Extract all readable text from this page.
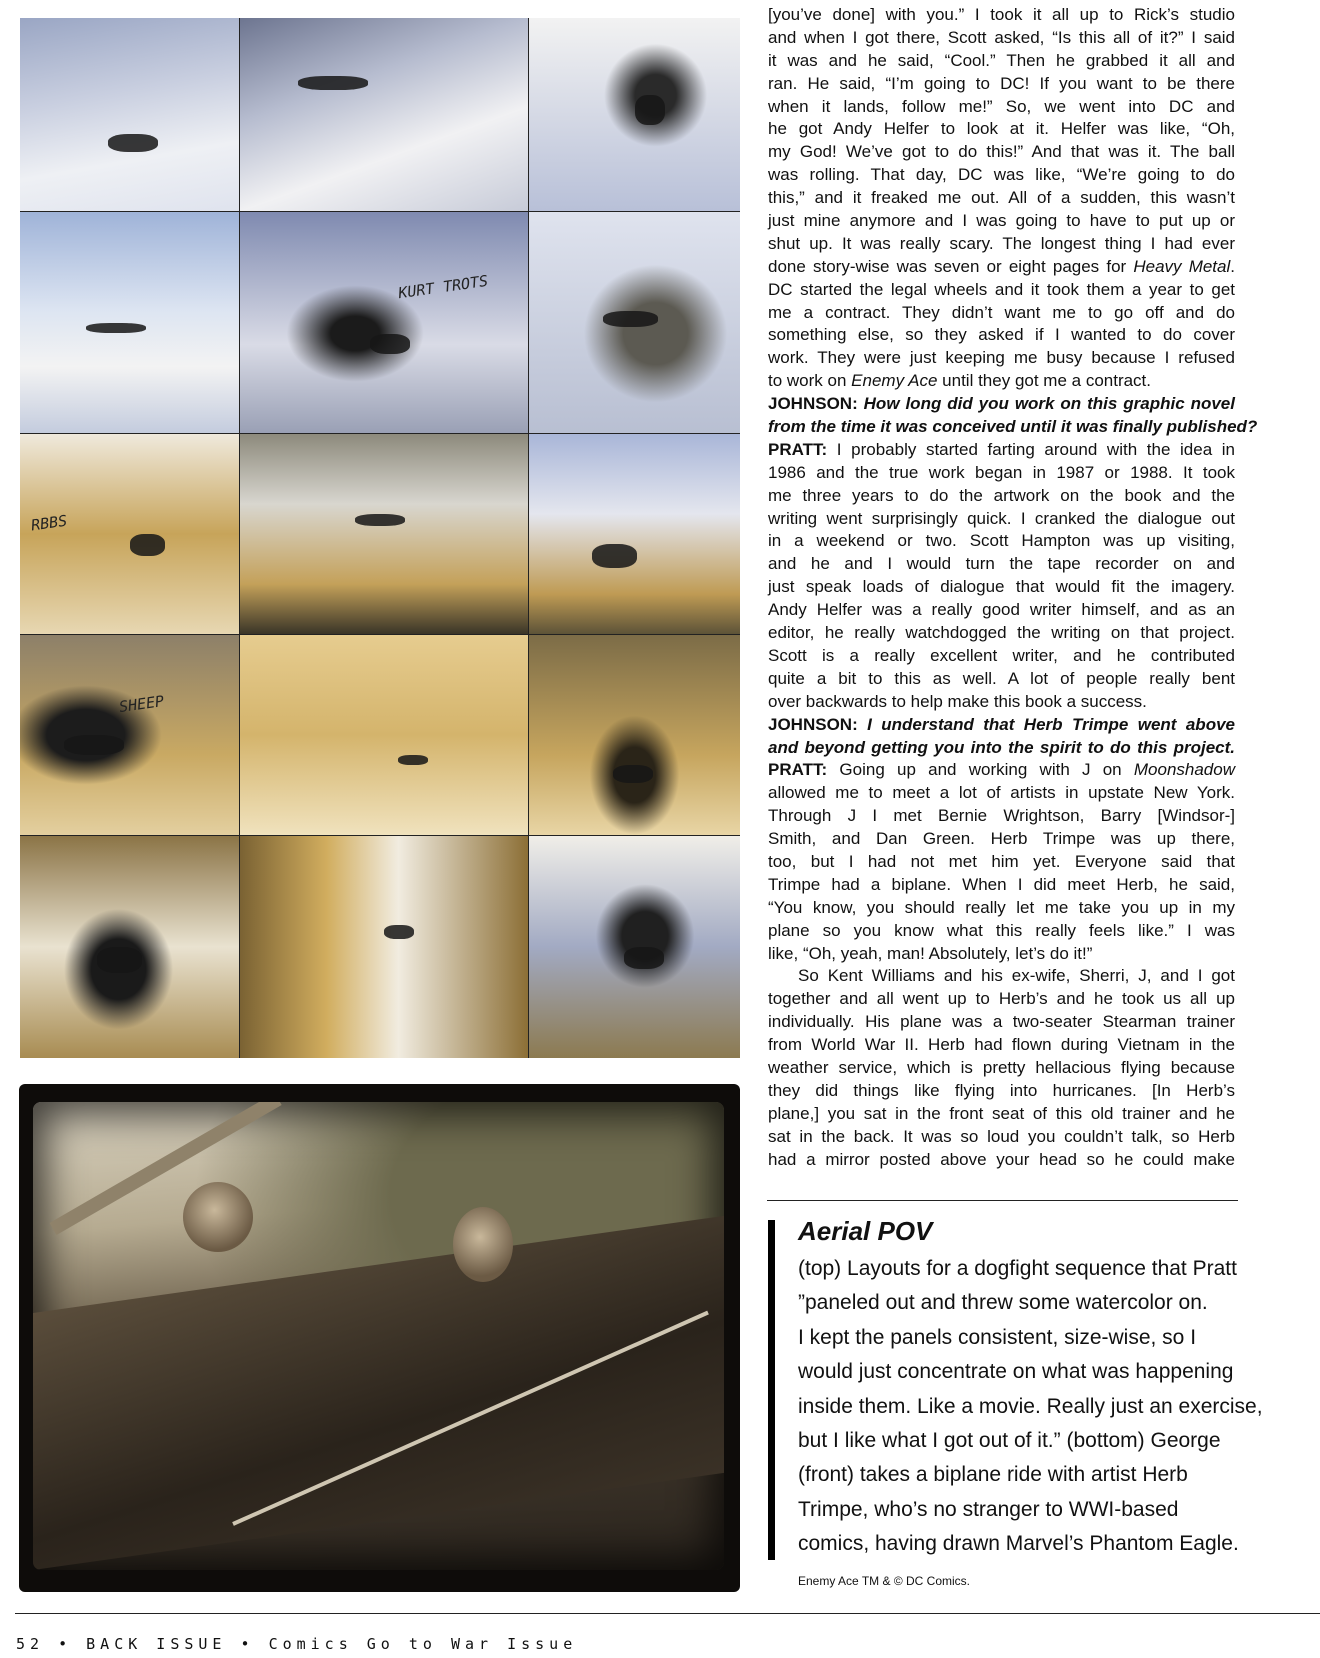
KURT TROTS
RBBS
SHEEP
[you’ve done] with you.” I took it all up to Rick’s studio
and when I got there, Scott asked, “Is this all of it?” I said
it was and he said, “Cool.” Then he grabbed it all and
ran. He said, “I’m going to DC! If you want to be there
when it lands, follow me!” So, we went into DC and
he got Andy Helfer to look at it. Helfer was like, “Oh,
my God! We’ve got to do this!” And that was it. The ball
was rolling. That day, DC was like, “We’re going to do
this,” and it freaked me out. All of a sudden, this wasn’t
just mine anymore and I was going to have to put up or
shut up. It was really scary. The longest thing I had ever
done story-wise was seven or eight pages for Heavy Metal.
DC started the legal wheels and it took them a year to get
me a contract. They didn’t want me to go off and do
something else, so they asked if I wanted to do cover
work. They were just keeping me busy because I refused
to work on Enemy Ace until they got me a contract.
JOHNSON: How long did you work on this graphic novel
from the time it was conceived until it was finally published?
PRATT: I probably started farting around with the idea in
1986 and the true work began in 1987 or 1988. It took
me three years to do the artwork on the book and the
writing went surprisingly quick. I cranked the dialogue out
in a weekend or two. Scott Hampton was up visiting,
and he and I would turn the tape recorder on and
just speak loads of dialogue that would fit the imagery.
Andy Helfer was a really good writer himself, and as an
editor, he really watchdogged the writing on that project.
Scott is a really excellent writer, and he contributed
quite a bit to this as well. A lot of people really bent
over backwards to help make this book a success.
JOHNSON: I understand that Herb Trimpe went above
and beyond getting you into the spirit to do this project.
PRATT: Going up and working with J on Moonshadow
allowed me to meet a lot of artists in upstate New York.
Through J I met Bernie Wrightson, Barry [Windsor-]
Smith, and Dan Green. Herb Trimpe was up there,
too, but I had not met him yet. Everyone said that
Trimpe had a biplane. When I did meet Herb, he said,
“You know, you should really let me take you up in my
plane so you know what this really feels like.” I was
like, “Oh, yeah, man! Absolutely, let’s do it!”
So Kent Williams and his ex-wife, Sherri, J, and I got
together and all went up to Herb’s and he took us all up
individually. His plane was a two-seater Stearman trainer
from World War II. Herb had flown during Vietnam in the
weather service, which is pretty hellacious flying because
they did things like flying into hurricanes. [In Herb’s
plane,] you sat in the front seat of this old trainer and he
sat in the back. It was so loud you couldn’t talk, so Herb
had a mirror posted above your head so he could make
Aerial POV
(top) Layouts for a dogfight sequence that Pratt
”paneled out and threw some watercolor on.
I kept the panels consistent, size-wise, so I
would just concentrate on what was happening
inside them. Like a movie. Really just an exercise,
but I like what I got out of it.” (bottom) George
(front) takes a biplane ride with artist Herb
Trimpe, who’s no stranger to WWI-based
comics, having drawn Marvel’s Phantom Eagle.
Enemy Ace TM & © DC Comics.
52 • BACK ISSUE • Comics Go to War Issue
